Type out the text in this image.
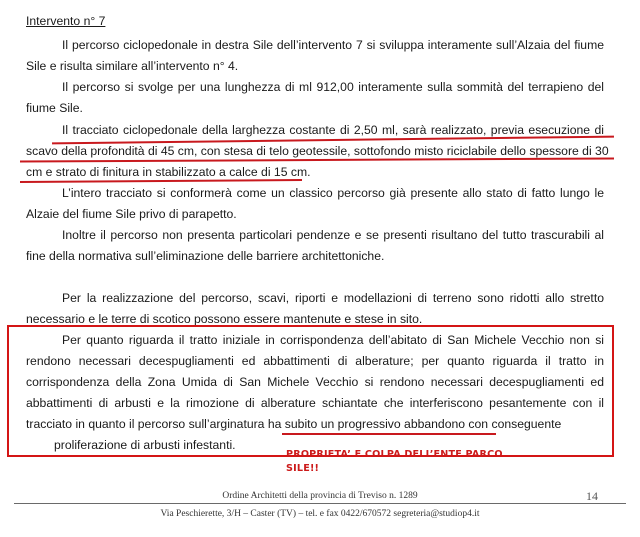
Intervento n° 7
Il percorso ciclopedonale in destra Sile dell’intervento 7 si sviluppa interamente sull’Alzaia del fiume
Sile e risulta similare all’intervento n° 4.
Il percorso si svolge per una lunghezza di ml 912,00 interamente sulla sommità del terrapieno del
fiume Sile.
Il tracciato ciclopedonale della larghezza costante di 2,50 ml, sarà realizzato, previa esecuzione di
scavo della profondità di 45 cm, con stesa di telo geotessile, sottofondo misto riciclabile dello spessore di 30
cm e strato di finitura in stabilizzato a calce di 15 cm.
L’intero tracciato si conformerà come un classico percorso già presente allo stato di fatto lungo le
Alzaie del fiume Sile privo di parapetto.
Inoltre il percorso non presenta particolari pendenze e se presenti risultano del tutto trascurabili al
fine della normativa sull’eliminazione delle barriere architettoniche.
Per la realizzazione del percorso, scavi, riporti e modellazioni di terreno sono ridotti allo stretto
necessario e le terre di scotico possono essere mantenute e stese in sito.
Per quanto riguarda il tratto iniziale in corrispondenza dell’abitato di San Michele Vecchio non si
rendono necessari decespugliamenti ed abbattimenti di alberature; per quanto riguarda il tratto in
corrispondenza della Zona Umida di San Michele Vecchio si rendono necessari decespugliamenti ed
abbattimenti di arbusti e la rimozione di alberature schiantate che interferiscono pesantemente con il
tracciato in quanto il percorso sull’arginatura ha subito un progressivo abbandono con conseguente
proliferazione di arbusti infestanti.
PROPRIETA’ E COLPA DELL’ENTE PARCO
SILE!!
Ordine Architetti della provincia di Treviso n. 1289	14
Via Peschierette, 3/H – Caster (TV) – tel. e fax 0422/670572 segreteria@studiop4.it
